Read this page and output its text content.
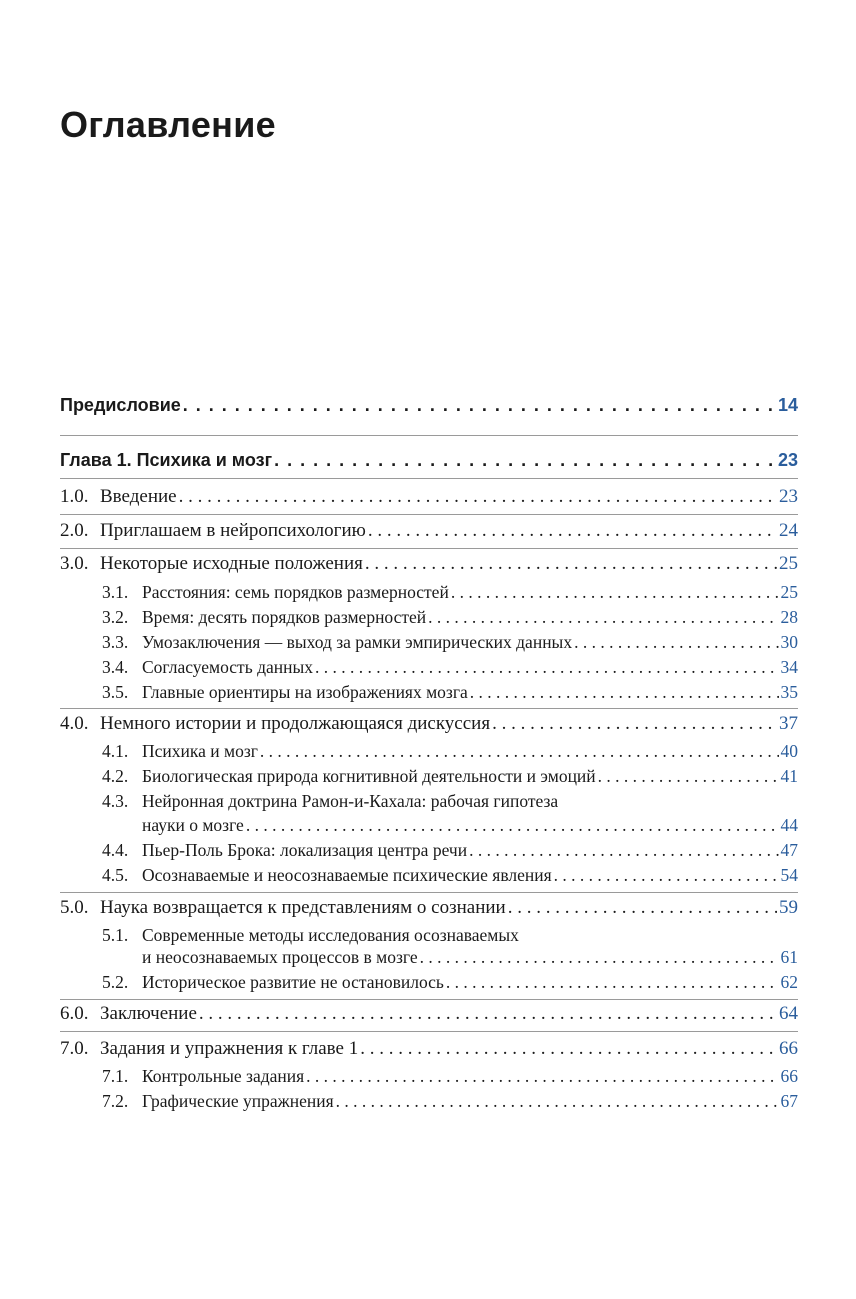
Оглавление
Предисловие . . .	14
Глава 1. Психика и мозг . . .	23
1.0. Введение . . .	23
2.0. Приглашаем в нейропсихологию . . .	24
3.0. Некоторые исходные положения . . .	25
3.1. Расстояния: семь порядков размерностей . . .	25
3.2. Время: десять порядков размерностей . . .	28
3.3. Умозаключения — выход за рамки эмпирических данных . . .	30
3.4. Согласуемость данных . . .	34
3.5. Главные ориентиры на изображениях мозга . . .	35
4.0. Немного истории и продолжающаяся дискуссия . . .	37
4.1. Психика и мозг . . .	40
4.2. Биологическая природа когнитивной деятельности и эмоций . . .	41
4.3. Нейронная доктрина Рамон-и-Кахала: рабочая гипотеза
науки о мозге . . .	44
4.4. Пьер-Поль Брока: локализация центра речи . . .	47
4.5. Осознаваемые и неосознаваемые психические явления . . .	54
5.0. Наука возвращается к представлениям о сознании . . .	59
5.1. Современные методы исследования осознаваемых
и неосознаваемых процессов в мозге . . .	61
5.2. Историческое развитие не остановилось . . .	62
6.0. Заключение . . .	64
7.0. Задания и упражнения к главе 1 . . .	66
7.1. Контрольные задания . . .	66
7.2. Графические упражнения . . .	67
